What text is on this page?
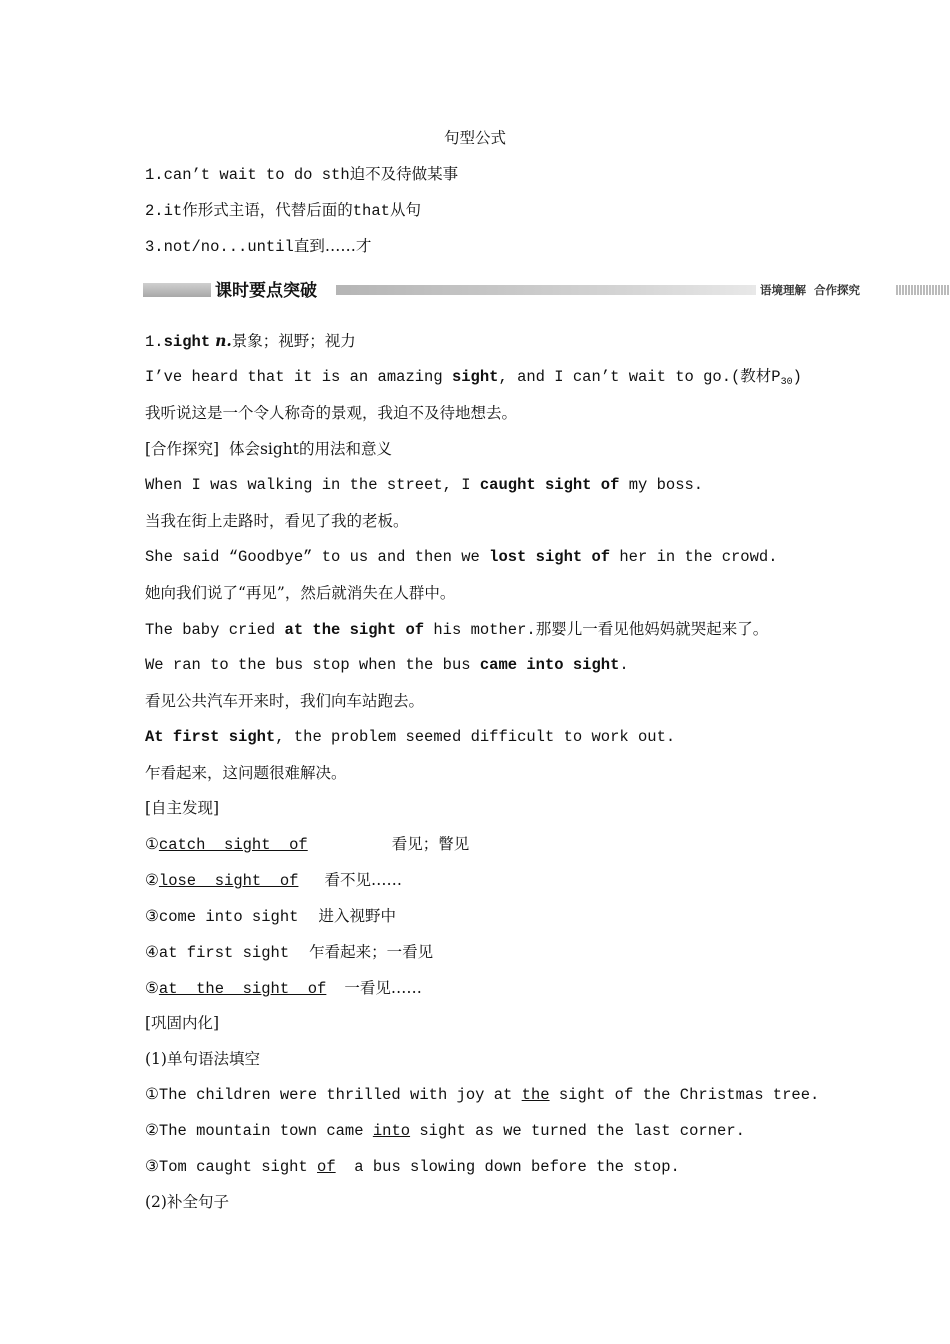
句型公式
1.can’t wait to do sth迫不及待做某事
2.it作形式主语，代替后面的that从句
3.not/no...until直到……才
课时要点突破	语境理解  合作探究
1.sight n.景象；视野；视力
I’ve heard that it is an amazing sight, and I can’t wait to go.(教材$P_{30}$)
我听说这是一个令人称奇的景观，我迫不及待地想去。
[合作探究]  体会sight的用法和意义
When I was walking in the street, I caught sight of my boss.
当我在街上走路时，看见了我的老板。
She said “Goodbye” to us and then we lost sight of her in the crowd.
她向我们说了“再见”，然后就消失在人群中。
The baby cried at the sight of his mother.那婴儿一看见他妈妈就哭起来了。
We ran to the bus stop when the bus came into sight.
看见公共汽车开来时，我们向车站跑去。
At first sight, the problem seemed difficult to work out.
乍看起来，这问题很难解决。
[自主发现]
①catch  sight  of	看见；瞥见
②lose  sight  of 看不见……
③come into sight 进入视野中
④at first sight 乍看起来；一看见
⑤at  the  sight  of 一看见……
[巩固内化]
(1)单句语法填空
①The children were thrilled with joy at the sight of the Christmas tree.
②The mountain town came into sight as we turned the last corner.
③Tom caught sight of  a bus slowing down before the stop.
(2)补全句子
